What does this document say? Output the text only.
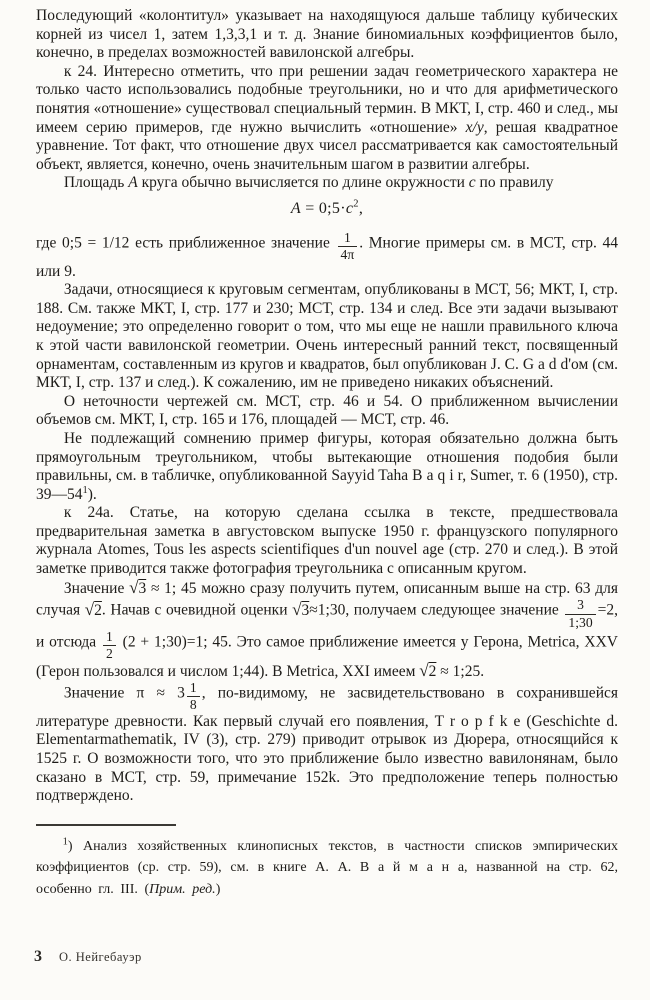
Последующий «колонтитул» указывает на находящуюся дальше таблицу кубических корней из чисел 1, затем 1,3,3,1 и т. д. Знание биномиальных коэффициентов было, конечно, в пределах возможностей вавилонской алгебры.

к 24. Интересно отметить, что при решении задач геометрического характера не только часто использовались подобные треугольники, но и что для арифметического понятия «отношение» существовал специальный термин. В МКТ, I, стр. 460 и след., мы имеем серию примеров, где нужно вычислить «отношение» x/y, решая квадратное уравнение. Тот факт, что отношение двух чисел рассматривается как самостоятельный объект, является, конечно, очень значительным шагом в развитии алгебры.

Площадь A круга обычно вычисляется по длине окружности c по правилу

$A = 0;5\cdot c^2$,

где 0;5 = 1/12 есть приближенное значение $\frac{1}{4\pi}$ . Многие примеры см. в МСТ, стр. 44 или 9.

Задачи, относящиеся к круговым сегментам, опубликованы в МСТ, 56; МКТ, I, стр. 188. См. также МКТ, I, стр. 177 и 230; МСТ, стр. 134 и след. Все эти задачи вызывают недоумение; это определенно говорит о том, что мы еще не нашли правильного ключа к этой части вавилонской геометрии. Очень интересный ранний текст, посвященный орнаментам, составленным из кругов и квадратов, был опубликован J. C. G a d d'ом (см. МКТ, I, стр. 137 и след.). К сожалению, им не приведено никаких объяснений.

О неточности чертежей см. МСТ, стр. 46 и 54. О приближенном вычислении объемов см. МКТ, I, стр. 165 и 176, площадей — МСТ, стр. 46.

Не подлежащий сомнению пример фигуры, которая обязательно должна быть прямоугольным треугольником, чтобы вытекающие отношения подобия были правильны, см. в табличке, опубликованной Sayyid Taha B a q i r, Sumer, т. 6 (1950), стр. $39—54^1$).

к 24а. Статье, на которую сделана ссылка в тексте, предшествовала предварительная заметка в августовском выпуске 1950 г. французского популярного журнала Atomes, Tous les aspects scientifiques d'un nouvel age (стр. 270 и след.). В этой заметке приводится также фотография треугольника с описанным кругом.

Значение √3 ≈ 1; 45 можно сразу получить путем, описанным выше на стр. 63 для случая √2. Начав с очевидной оценки √3≈1;30, получаем следующее значение $\frac{3}{1;30} =2$, и отсюда $\frac{1}{2} (2$ + 1;30)=1; 45. Это самое приближение имеется у Герона, Metrica, XXV (Герон пользовался и числом 1;44). В Metrica, XXI имеем √2 ≈ 1;25.

Значение $\pi \approx 3 \frac{1}{8}$ , по-видимому, не засвидетельствовано в сохранившейся литературе древности. Как первый случай его появления, T r o p f k e (Geschichte d. Elementarmathematik, IV (3), стр. 279) приводит отрывок из Дюрера, относящийся к 1525 г. О возможности того, что это приближение было известно вавилонянам, было сказано в МСТ, стр. 59, примечание 152k. Это предположение теперь полностью подтверждено.

$^1$) Анализ хозяйственных клинописных текстов, в частности списков эмпирических коэффициентов (ср. стр. 59), см. в книге А. А. В а й м а н а, названной на стр. 62, особенно гл. III. (Прим. ред.)

3 О. Нейгебауэр
